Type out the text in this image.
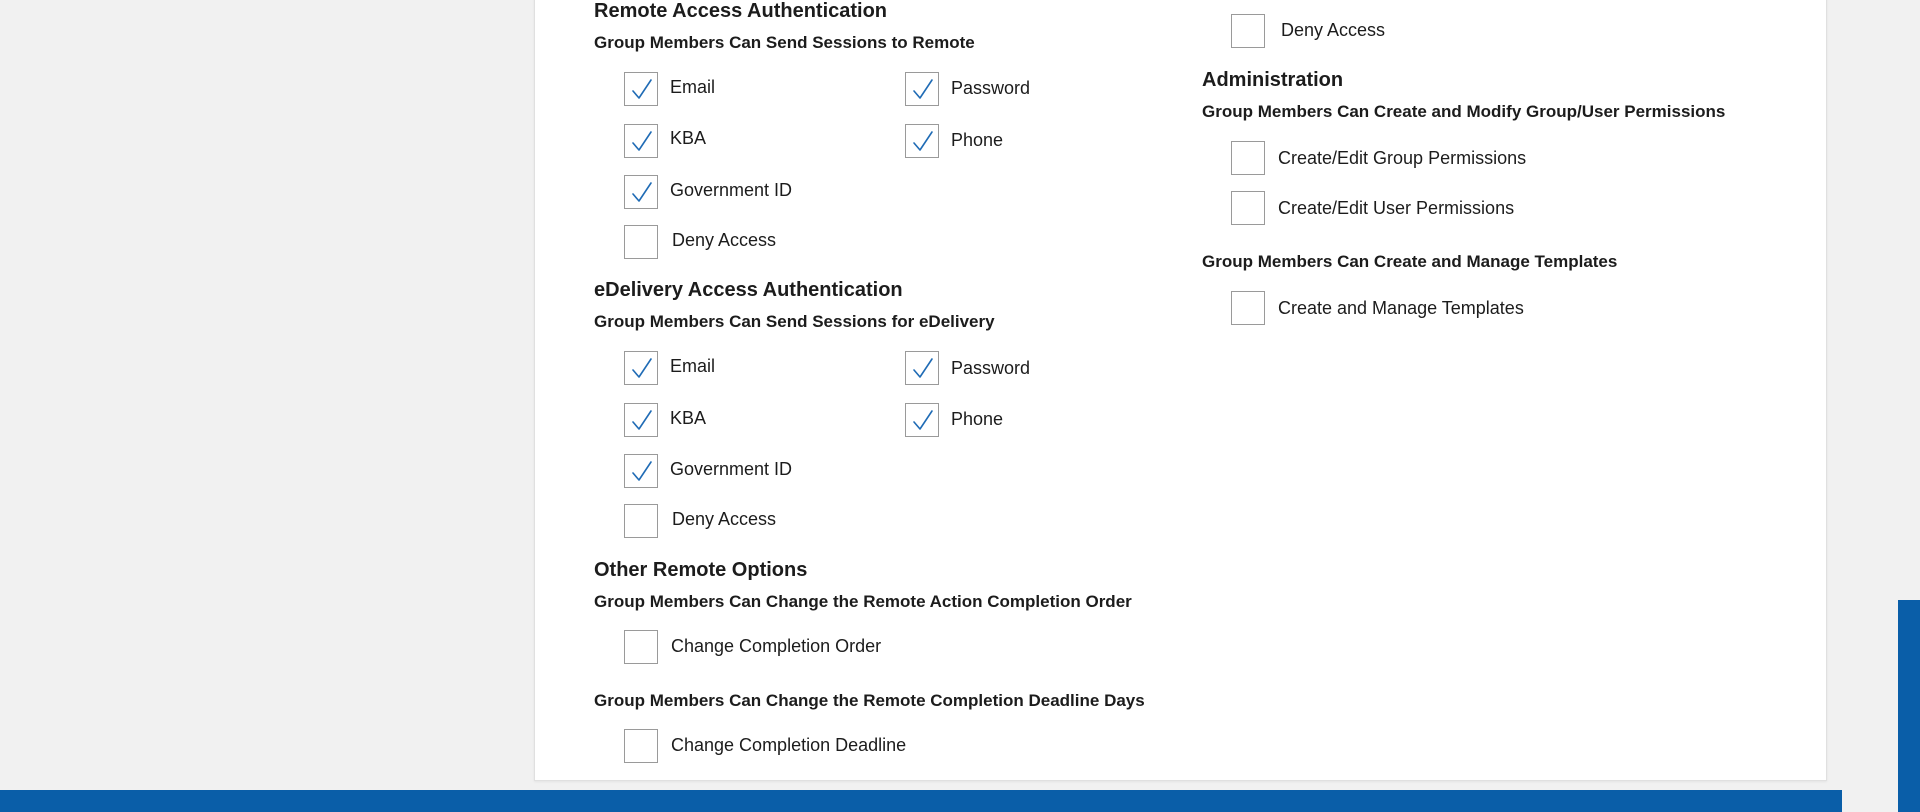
Remote Access Authentication
Group Members Can Send Sessions to Remote
Email	Password
KBA	Phone
Government ID
Deny Access
eDelivery Access Authentication
Group Members Can Send Sessions for eDelivery
Email	Password
KBA	Phone
Government ID
Deny Access
Other Remote Options
Group Members Can Change the Remote Action Completion Order
Change Completion Order
Group Members Can Change the Remote Completion Deadline Days
Change Completion Deadline
Deny Access
Administration
Group Members Can Create and Modify Group/User Permissions
Create/Edit Group Permissions
Create/Edit User Permissions
Group Members Can Create and Manage Templates
Create and Manage Templates
